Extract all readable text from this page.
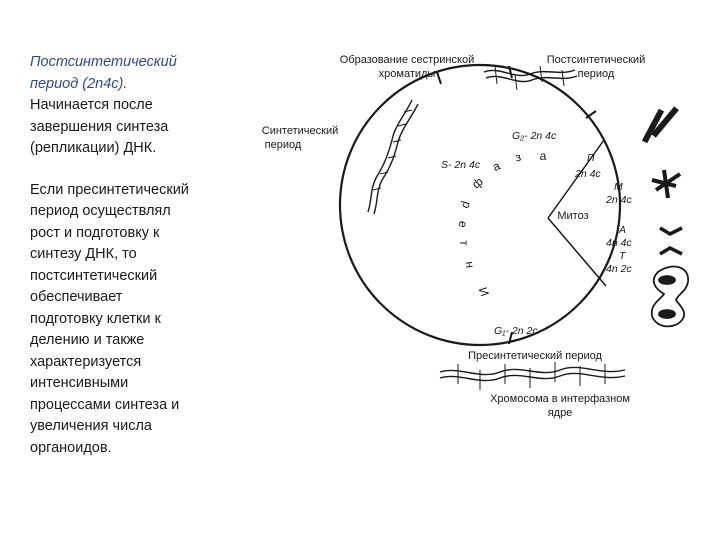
Постсинтетический

период (2n4c).

Начинается после

завершения синтеза

(репликации) ДНК.

Если пресинтетический

период осуществлял

рост и подготовку к

синтезу ДНК, то

постсинтетический

обеспечивает

подготовку клетки к

делению и также

характеризуется

интенсивными

процессами синтеза и

увеличения числа

органоидов.

Образование сестринской
хроматиды
Постсинтетический
период
Синтетический
период
Пресинтетический период
Хромосома в интерфазном
ядре
Митоз
G₂- 2n 4c
S- 2n 4c
G₁- 2n 2c
П
2n 4c
М
2n 4c
А
4n 4c
Т
4n 2c
И
н
т
е
р
ф
а
з а
